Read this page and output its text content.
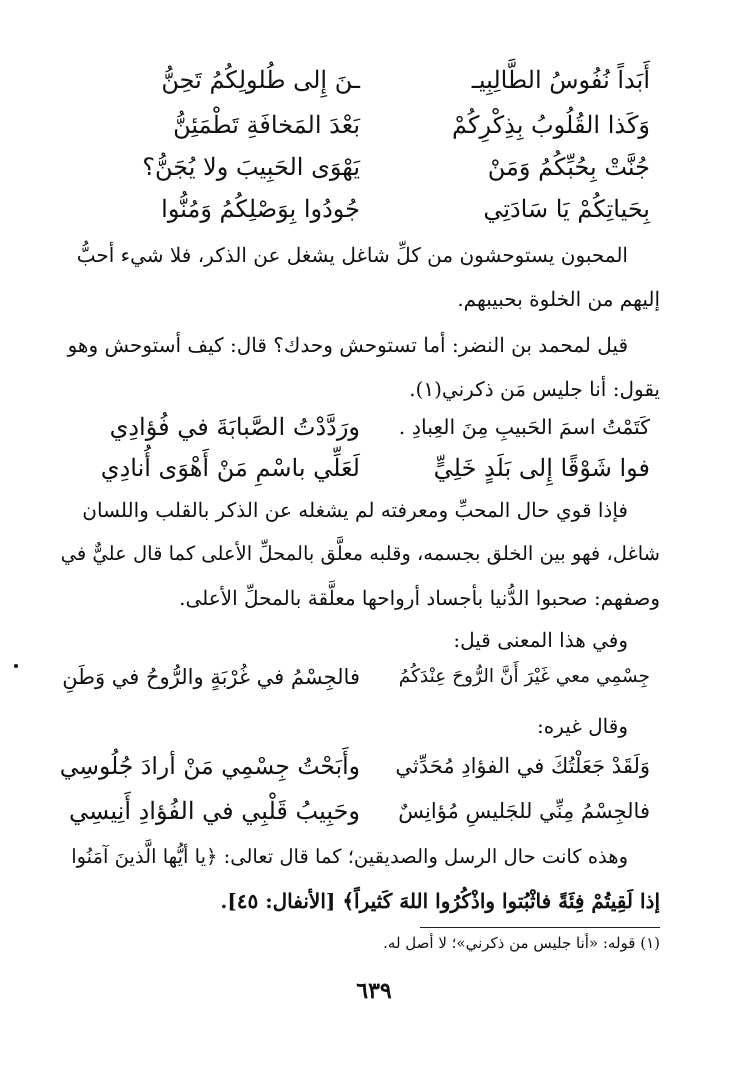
أَبَداً نُفُوسُ الطَّالِبِيـ
ـنَ إِلى طُلولِكُمُ تَحِنُّ
وَكَذا القُلُوبُ بِذِكْرِكُمْ
بَعْدَ المَخافَةِ تَطْمَئِنُّ
جُنَّتْ بِحُبِّكُمُ وَمَنْ
يَهْوَى الحَبِيبَ ولا يُجَنُّ؟
بِحَياتِكُمْ يَا سَادَتِي
جُودُوا بِوَصْلِكُمُ وَمُنُّوا
المحبون يستوحشون من كلِّ شاغل يشغل عن الذكر، فلا شيء أحبُّ
إليهم من الخلوة بحبيبهم.
قيل لمحمد بن النضر: أما تستوحش وحدك؟ قال: كيف أستوحش وهو
يقول: أنا جليس مَن ذكرني(١).
كَتَمْتُ اسمَ الحَبيبِ مِنَ العِبادِ .
ورَدَّدْتُ الصَّبابَةَ في فُؤادِي
فوا شَوْقًا إِلى بَلَدٍ خَلِيٍّ
لَعَلِّي باسْمِ مَنْ أَهْوَى أُنادِي
فإذا قوي حال المحبِّ ومعرفته لم يشغله عن الذكر بالقلب واللسان
شاغل، فهو بين الخلق بجسمه، وقلبه معلَّق بالمحلِّ الأعلى كما قال عليٌّ في
وصفهم: صحبوا الدُّنيا بأجساد أرواحها معلَّقة بالمحلِّ الأعلى.
وفي هذا المعنى قيل:
جِسْمِي معي غَيْرَ أَنَّ الرُّوحَ عِنْدَكُمُ
فالجِسْمُ في غُرْبَةٍ والرُّوحُ في وَطَنِ
وقال غيره:
وَلَقَدْ جَعَلْتُكَ في الفؤادِ مُحَدِّثي
وأَبَحْتُ جِسْمِي مَنْ أرادَ جُلُوسِي
فالجِسْمُ مِنِّي للجَليسِ مُؤانِسٌ
وحَبِيبُ قَلْبِي في الفُؤادِ أَنِيسِي
وهذه كانت حال الرسل والصديقين؛ كما قال تعالى: ﴿يا أيُّها الَّذينَ آمَنُوا
إذا لَقِيتُمْ فِئَةً فاثْبُتوا واذْكُرُوا اللهَ كَثيراً﴾ [الأنفال: ٤٥].
(١) قوله: «أنا جليس من ذكرني»؛ لا أصل له.
٦٣٩
